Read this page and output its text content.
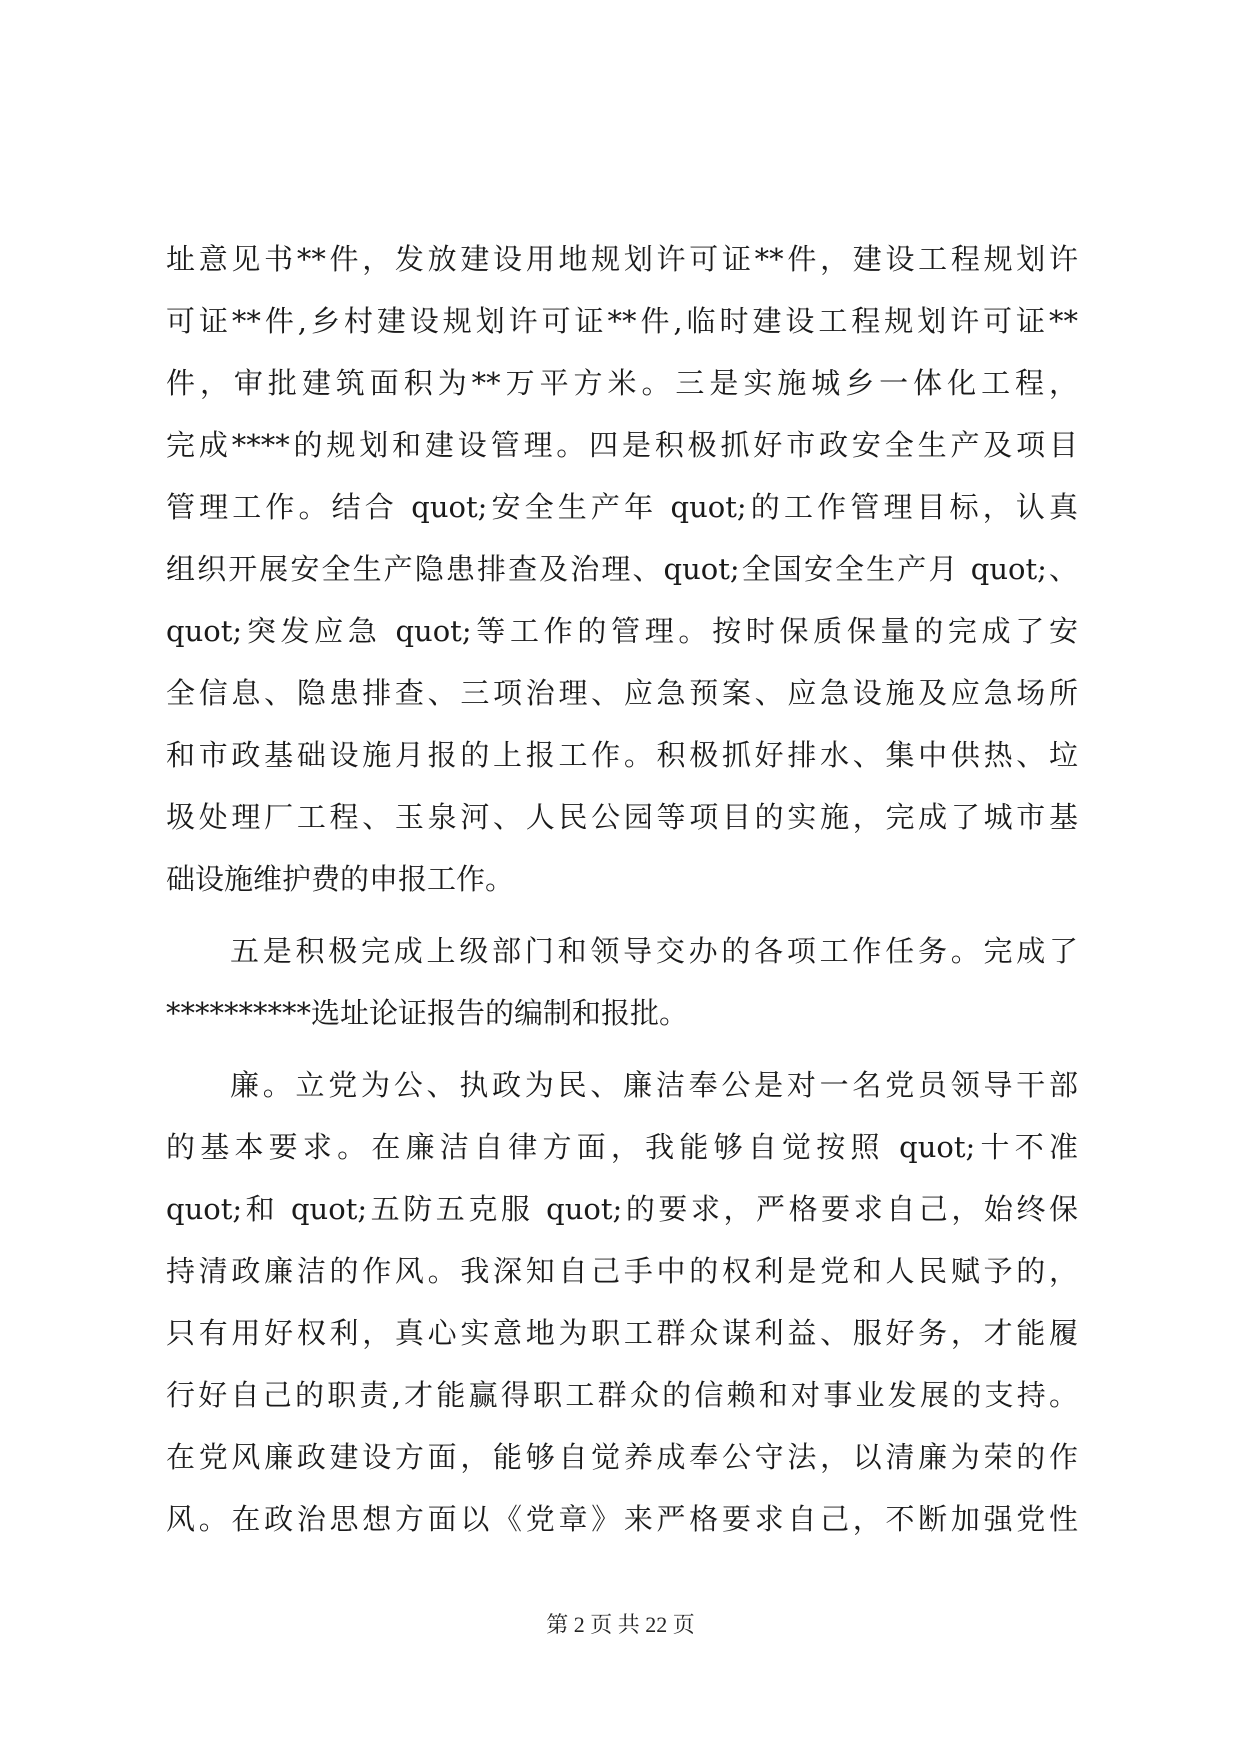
址意见书**件，发放建设用地规划许可证**件，建设工程规划许
可证**件,乡村建设规划许可证**件,临时建设工程规划许可证**
件，审批建筑面积为**万平方米。三是实施城乡一体化工程，
完成****的规划和建设管理。四是积极抓好市政安全生产及项目
管理工作。结合 quot;安全生产年 quot;的工作管理目标，认真
组织开展安全生产隐患排查及治理、quot;全国安全生产月 quot;、
quot;突发应急 quot;等工作的管理。按时保质保量的完成了安
全信息、隐患排查、三项治理、应急预案、应急设施及应急场所
和市政基础设施月报的上报工作。积极抓好排水、集中供热、垃
圾处理厂工程、玉泉河、人民公园等项目的实施，完成了城市基
础设施维护费的申报工作。
五是积极完成上级部门和领导交办的各项工作任务。完成了
**********选址论证报告的编制和报批。
廉。立党为公、执政为民、廉洁奉公是对一名党员领导干部
的基本要求。在廉洁自律方面，我能够自觉按照 quot;十不准
quot;和 quot;五防五克服 quot;的要求，严格要求自己，始终保
持清政廉洁的作风。我深知自己手中的权利是党和人民赋予的，
只有用好权利，真心实意地为职工群众谋利益、服好务，才能履
行好自己的职责,才能赢得职工群众的信赖和对事业发展的支持。
在党风廉政建设方面，能够自觉养成奉公守法，以清廉为荣的作
风。在政治思想方面以《党章》来严格要求自己，不断加强党性
第 2 页 共 22 页
